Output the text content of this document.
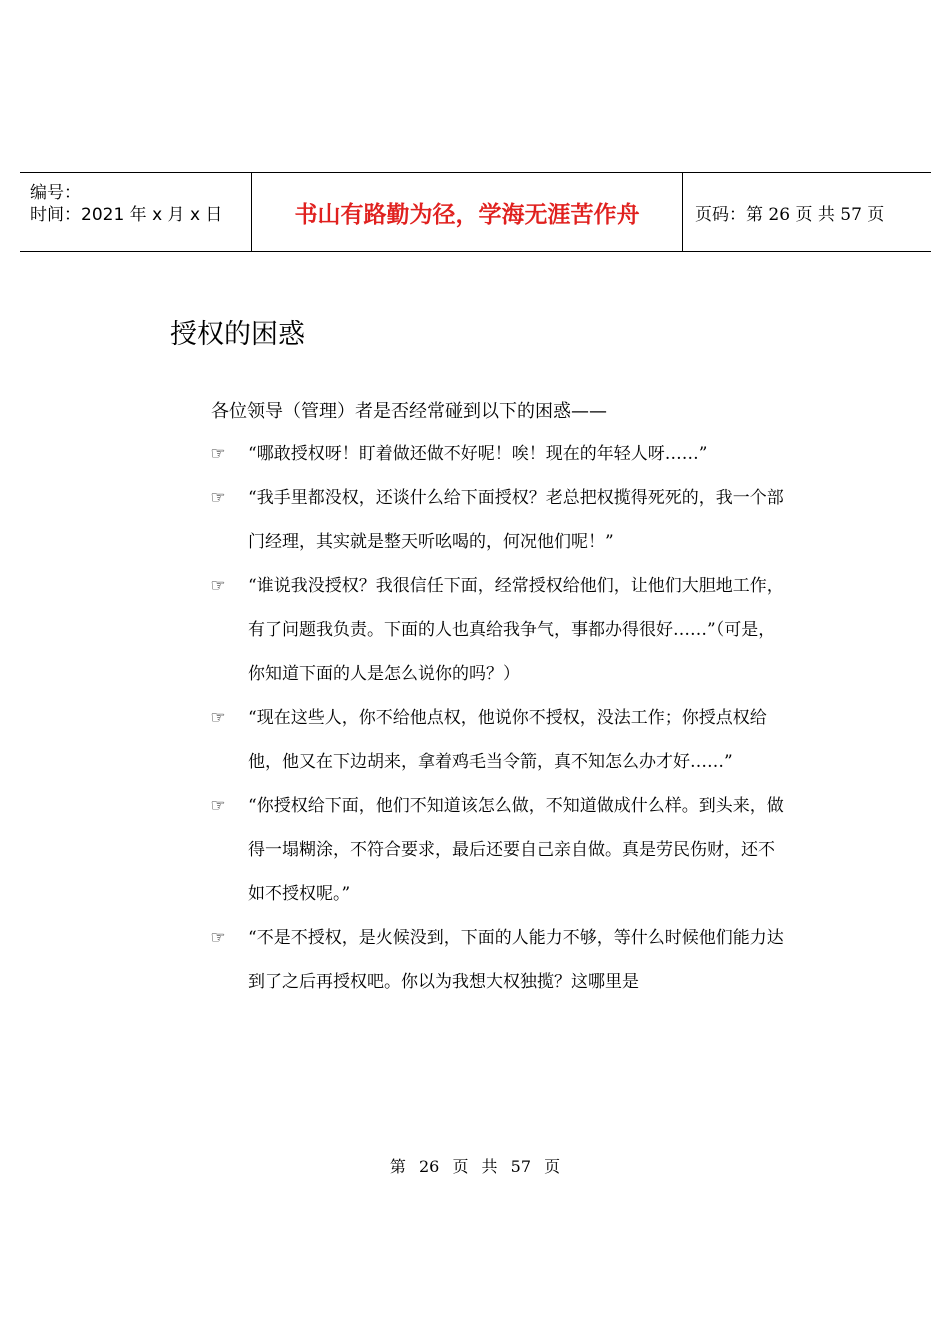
编号：
时间：2021 年 x 月 x 日	书山有路勤为径，学海无涯苦作舟	页码：第 26 页 共 57 页
授权的困惑
各位领导（管理）者是否经常碰到以下的困惑——
☞ “哪敢授权呀！盯着做还做不好呢！唉！现在的年轻人呀……”
☞ “我手里都没权，还谈什么给下面授权？老总把权揽得死死的，我一个部门经理，其实就是整天听吆喝的，何况他们呢！”
☞ “谁说我没授权？我很信任下面，经常授权给他们，让他们大胆地工作，有了问题我负责。下面的人也真给我争气，事都办得很好……”（可是，你知道下面的人是怎么说你的吗？）
☞ “现在这些人，你不给他点权，他说你不授权，没法工作；你授点权给他，他又在下边胡来，拿着鸡毛当令箭，真不知怎么办才好……”
☞ “你授权给下面，他们不知道该怎么做，不知道做成什么样。到头来，做得一塌糊涂，不符合要求，最后还要自己亲自做。真是劳民伤财，还不如不授权呢。”
☞ “不是不授权，是火候没到，下面的人能力不够，等什么时候他们能力达到了之后再授权吧。你以为我想大权独揽？这哪里是
第 26 页 共 57 页
